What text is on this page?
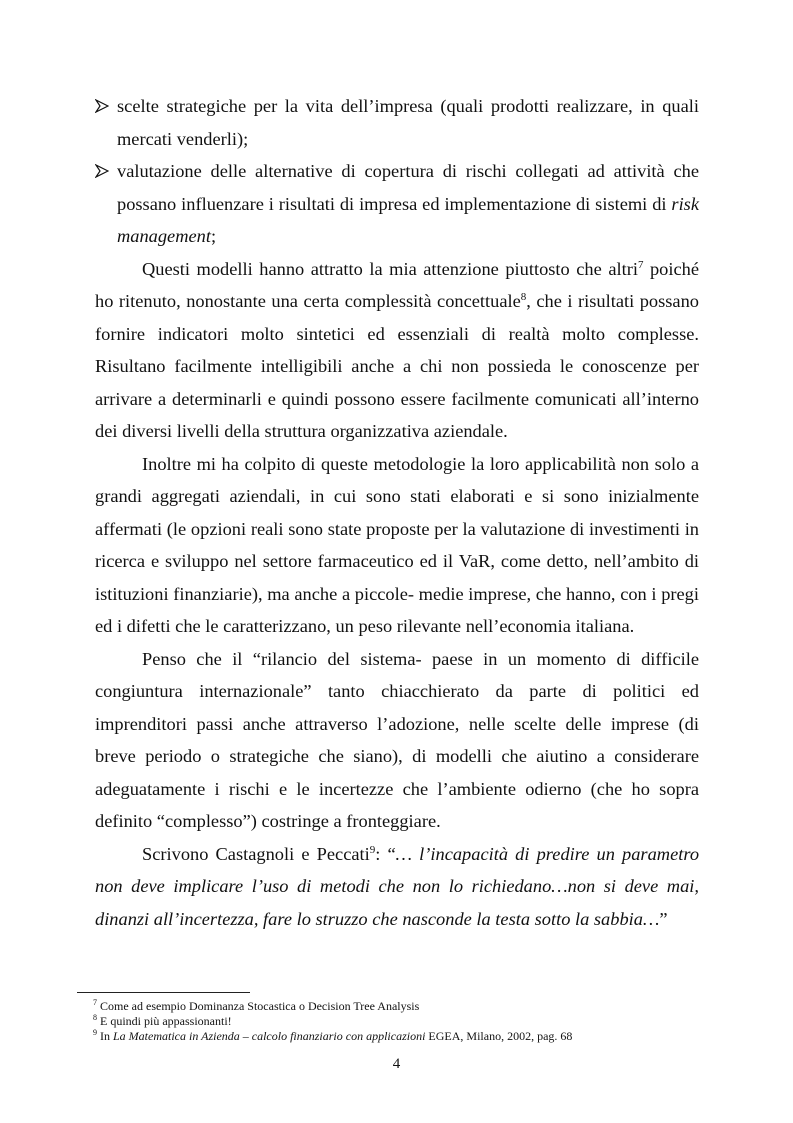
scelte strategiche per la vita dell’impresa (quali prodotti realizzare, in quali mercati venderli);

valutazione delle alternative di copertura di rischi collegati ad attività che possano influenzare i risultati di impresa ed implementazione di sistemi di risk management;

Questi modelli hanno attratto la mia attenzione piuttosto che altri$^7$ poiché ho ritenuto, nonostante una certa complessità concettuale$^8$, che i risultati possano fornire indicatori molto sintetici ed essenziali di realtà molto complesse. Risultano facilmente intelligibili anche a chi non possieda le conoscenze per arrivare a determinarli e quindi possono essere facilmente comunicati all’interno dei diversi livelli della struttura organizzativa aziendale.

Inoltre mi ha colpito di queste metodologie la loro applicabilità non solo a grandi aggregati aziendali, in cui sono stati elaborati e si sono inizialmente affermati (le opzioni reali sono state proposte per la valutazione di investimenti in ricerca e sviluppo nel settore farmaceutico ed il VaR, come detto, nell’ambito di istituzioni finanziarie), ma anche a piccole- medie imprese, che hanno, con i pregi ed i difetti che le caratterizzano, un peso rilevante nell’economia italiana.

Penso che il “rilancio del sistema- paese in un momento di difficile congiuntura internazionale” tanto chiacchierato da parte di politici ed imprenditori passi anche attraverso l’adozione, nelle scelte delle imprese (di breve periodo o strategiche che siano), di modelli che aiutino a considerare adeguatamente i rischi e le incertezze che l’ambiente odierno (che ho sopra definito “complesso”) costringe a fronteggiare.

Scrivono Castagnoli e Peccati$^9$: “… l’incapacità di predire un parametro non deve implicare l’uso di metodi che non lo richiedano…non si deve mai, dinanzi all’incertezza, fare lo struzzo che nasconde la testa sotto la sabbia…”

$^7$ Come ad esempio Dominanza Stocastica o Decision Tree Analysis

$^8$ E quindi più appassionanti!

$^9$ In La Matematica in Azienda – calcolo finanziario con applicazioni EGEA, Milano, 2002, pag. 68

4
